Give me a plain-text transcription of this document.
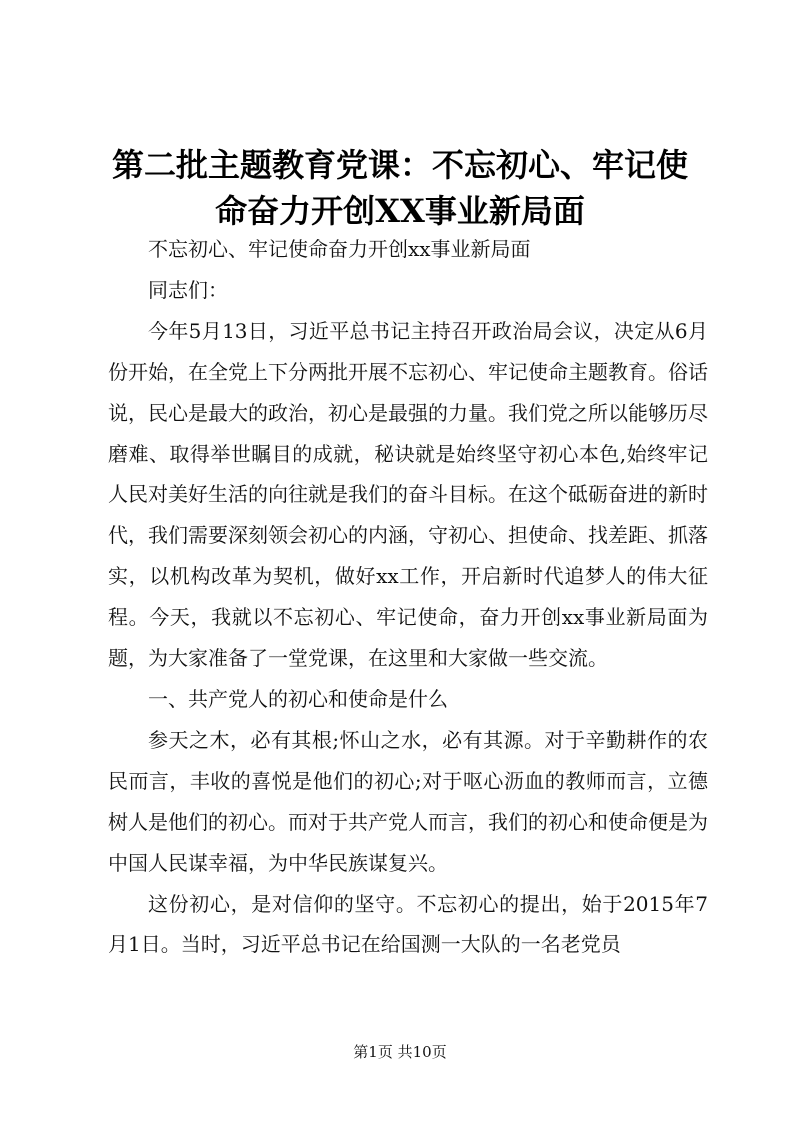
第二批主题教育党课：不忘初心、牢记使命奋力开创XX事业新局面

不忘初心、牢记使命奋力开创xx事业新局面

同志们：

今年5月13日，习近平总书记主持召开政治局会议，决定从6月份开始，在全党上下分两批开展不忘初心、牢记使命主题教育。俗话说，民心是最大的政治，初心是最强的力量。我们党之所以能够历尽磨难、取得举世瞩目的成就，秘诀就是始终坚守初心本色,始终牢记人民对美好生活的向往就是我们的奋斗目标。在这个砥砺奋进的新时代，我们需要深刻领会初心的内涵，守初心、担使命、找差距、抓落实，以机构改革为契机，做好xx工作，开启新时代追梦人的伟大征程。今天，我就以不忘初心、牢记使命，奋力开创xx事业新局面为题，为大家准备了一堂党课，在这里和大家做一些交流。

一、共产党人的初心和使命是什么

参天之木，必有其根;怀山之水，必有其源。对于辛勤耕作的农民而言，丰收的喜悦是他们的初心;对于呕心沥血的教师而言，立德树人是他们的初心。而对于共产党人而言，我们的初心和使命便是为中国人民谋幸福，为中华民族谋复兴。

这份初心，是对信仰的坚守。不忘初心的提出，始于2015年7月1日。当时，习近平总书记在给国测一大队的一名老党员

第1页 共10页
